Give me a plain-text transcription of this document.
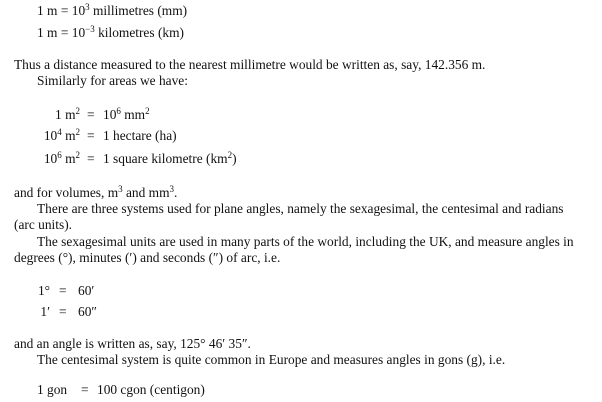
1 $m = 10^3$ millimetres (mm)
1 $m = 10^{-3}$ kilometres (km)
Thus a distance measured to the nearest millimetre would be written as, say, 142.356 m.
Similarly for areas we have:
1 $m^2 = 10^6$ $mm^2$
$10^4$ $m^2 = 1$ hectare (ha)
$10^6$ $m^2 = 1$ square kilometre $(km^2)$
and for volumes, $m^3$ and $mm^3$.
There are three systems used for plane angles, namely the sexagesimal, the centesimal and radians
(arc units).
The sexagesimal units are used in many parts of the world, including the UK, and measure angles in
degrees (°), minutes (′) and seconds (″) of arc, i.e.
1° = 60′
1′ = 60″
and an angle is written as, say, 125° 46′ 35″.
The centesimal system is quite common in Europe and measures angles in gons (g), i.e.
1 gon = 100 cgon (centigon)
